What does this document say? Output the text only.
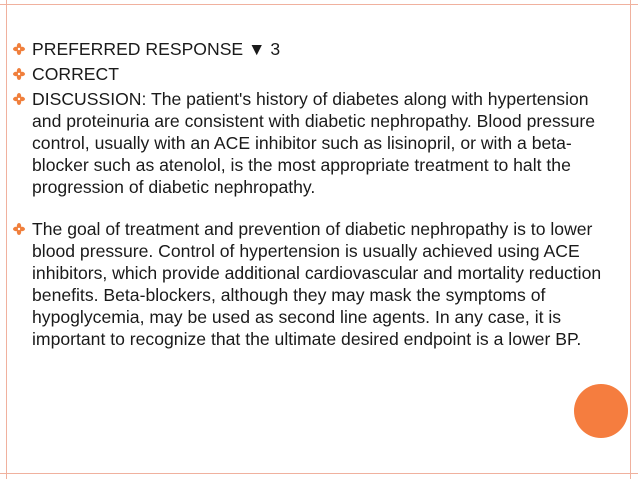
PREFERRED RESPONSE ▼ 3

CORRECT

DISCUSSION: The patient's history of diabetes along with hypertension and proteinuria are consistent with diabetic nephropathy. Blood pressure control, usually with an ACE inhibitor such as lisinopril, or with a beta-blocker such as atenolol, is the most appropriate treatment to halt the progression of diabetic nephropathy.

The goal of treatment and prevention of diabetic nephropathy is to lower blood pressure. Control of hypertension is usually achieved using ACE inhibitors, which provide additional cardiovascular and mortality reduction benefits. Beta-blockers, although they may mask the symptoms of hypoglycemia, may be used as second line agents. In any case, it is important to recognize that the ultimate desired endpoint is a lower BP.
